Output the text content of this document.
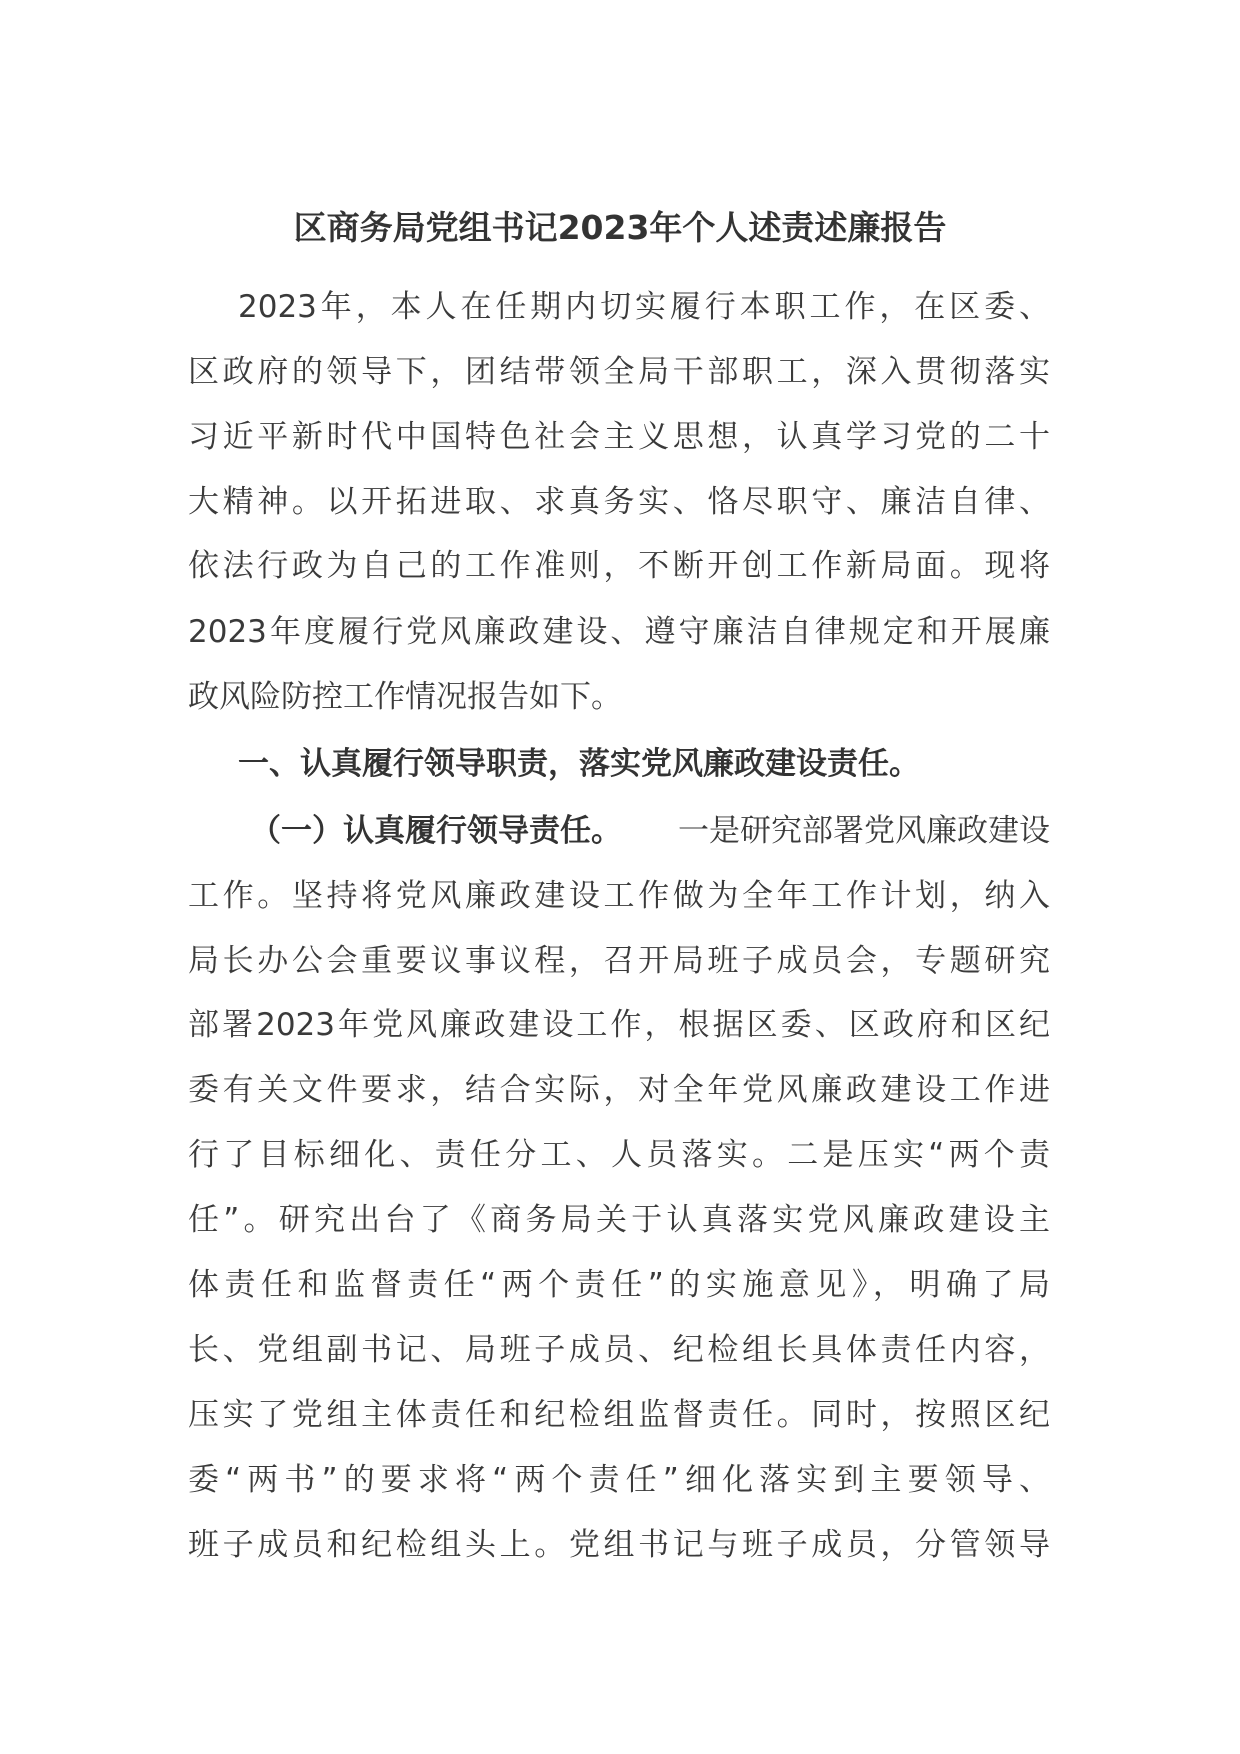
区商务局党组书记2023年个人述责述廉报告
2023年，本人在任期内切实履行本职工作，在区委、
区政府的领导下，团结带领全局干部职工，深入贯彻落实
习近平新时代中国特色社会主义思想，认真学习党的二十
大精神。以开拓进取、求真务实、恪尽职守、廉洁自律、
依法行政为自己的工作准则，不断开创工作新局面。现将
2023年度履行党风廉政建设、遵守廉洁自律规定和开展廉
政风险防控工作情况报告如下。
一、认真履行领导职责，落实党风廉政建设责任。
（一）认真履行领导责任。 一是研究部署党风廉政建设
工作。坚持将党风廉政建设工作做为全年工作计划，纳入
局长办公会重要议事议程，召开局班子成员会，专题研究
部署2023年党风廉政建设工作，根据区委、区政府和区纪
委有关文件要求，结合实际，对全年党风廉政建设工作进
行了目标细化、责任分工、人员落实。二是压实“两个责
任”。研究出台了《商务局关于认真落实党风廉政建设主
体责任和监督责任“两个责任”的实施意见》，明确了局
长、党组副书记、局班子成员、纪检组长具体责任内容，
压实了党组主体责任和纪检组监督责任。同时，按照区纪
委“两书”的要求将“两个责任”细化落实到主要领导、
班子成员和纪检组头上。党组书记与班子成员，分管领导
